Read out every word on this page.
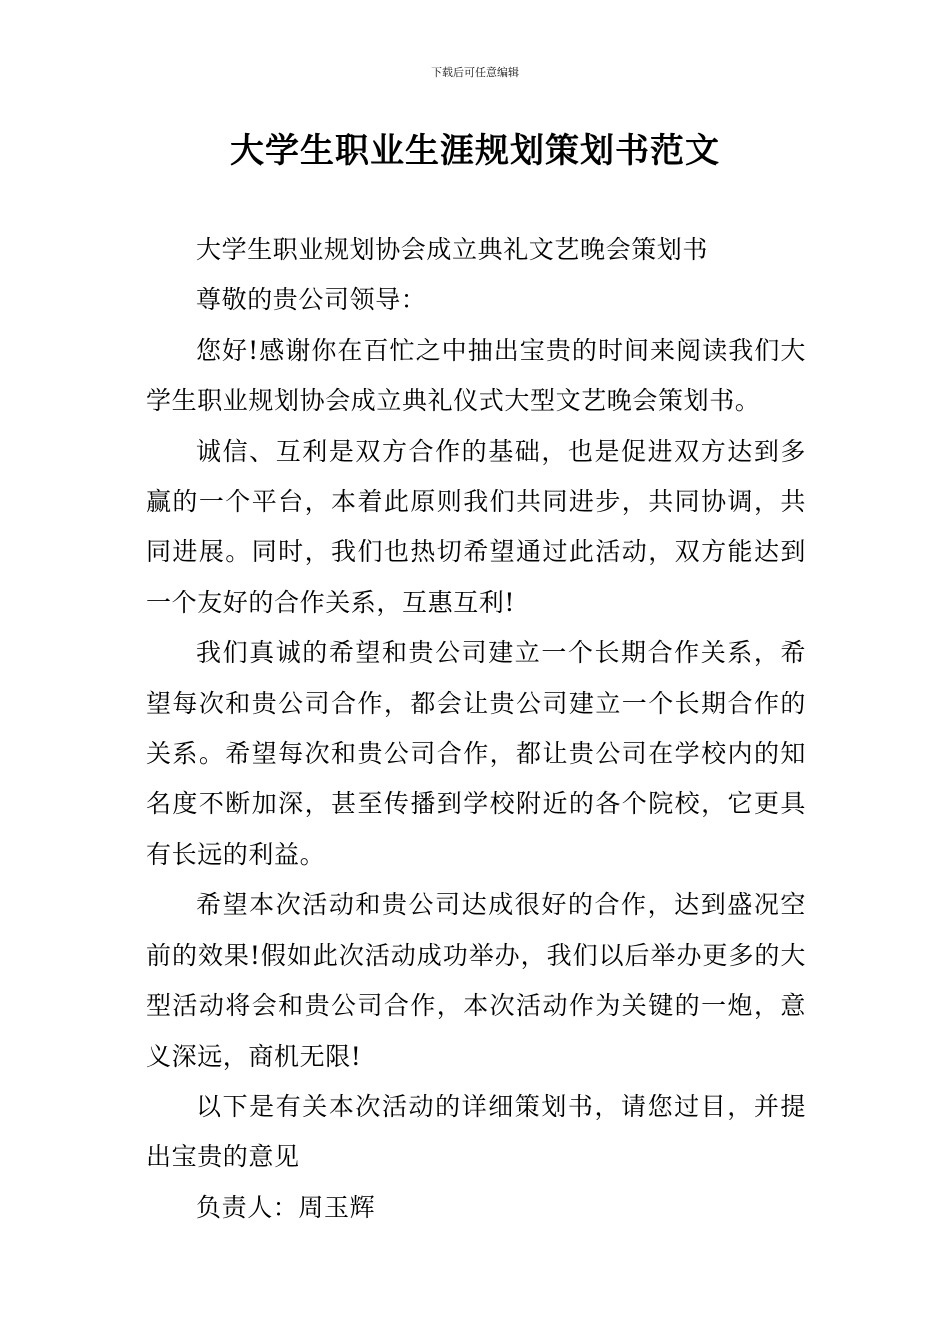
下载后可任意编辑
大学生职业生涯规划策划书范文

大学生职业规划协会成立典礼文艺晚会策划书

尊敬的贵公司领导：

您好!感谢你在百忙之中抽出宝贵的时间来阅读我们大学生职业规划协会成立典礼仪式大型文艺晚会策划书。

诚信、互利是双方合作的基础，也是促进双方达到多赢的一个平台，本着此原则我们共同进步，共同协调，共同进展。同时，我们也热切希望通过此活动，双方能达到一个友好的合作关系，互惠互利!

我们真诚的希望和贵公司建立一个长期合作关系，希望每次和贵公司合作，都会让贵公司建立一个长期合作的关系。希望每次和贵公司合作，都让贵公司在学校内的知名度不断加深，甚至传播到学校附近的各个院校，它更具有长远的利益。

希望本次活动和贵公司达成很好的合作，达到盛况空前的效果!假如此次活动成功举办，我们以后举办更多的大型活动将会和贵公司合作，本次活动作为关键的一炮，意义深远，商机无限!

以下是有关本次活动的详细策划书，请您过目，并提出宝贵的意见

负责人：周玉辉
